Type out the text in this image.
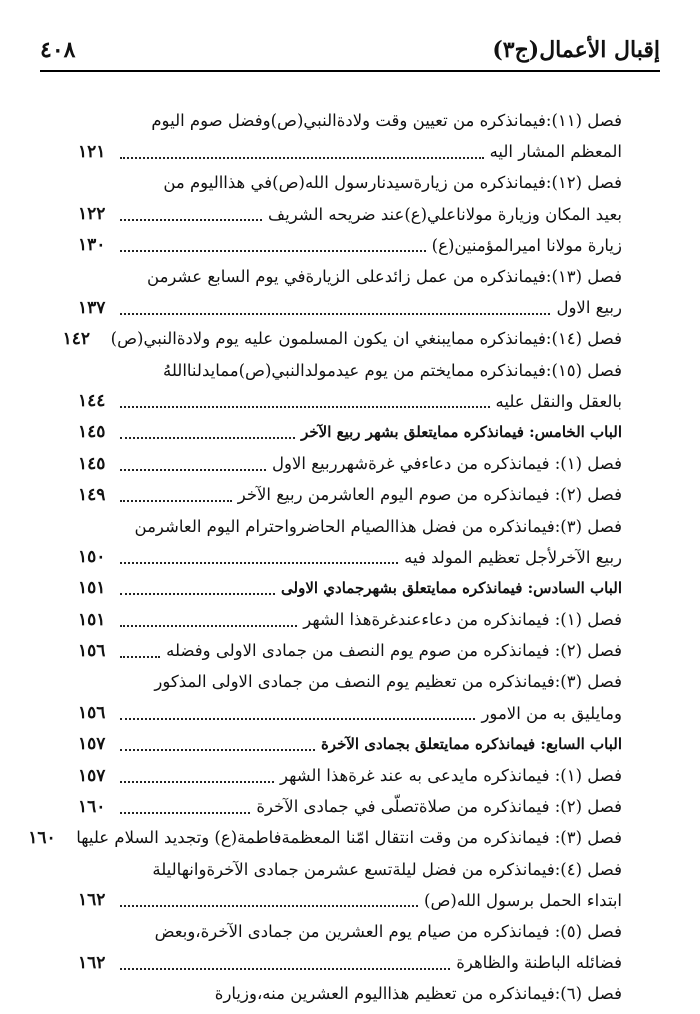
٤٠٨	إقبال الأعمال(ج٣)
فصل (١١):فيمانذكره من تعيين وقت ولادةالنبي(ص)وفضل صوم اليوم
المعظم المشار اليه
١٢١
فصل (١٢):فيمانذكره من زيارةسيدنارسول الله(ص)في هذااليوم من
بعيد المكان وزيارة مولاناعلي(ع)عند ضريحه الشريف
١٢٢
زيارة مولانا اميرالمؤمنين(ع)
١٣٠
فصل (١٣):فيمانذكره من عمل زائدعلى الزيارةفي يوم السابع عشرمن
ربيع الاول
١٣٧
فصل (١٤):فيمانذكره ممايبنغي ان يكون المسلمون عليه يوم ولادةالنبي(ص)
١٤٢
فصل (١٥):فيمانذكره ممايختم من يوم عيدمولدالنبي(ص)ممايدلنااللهُ
بالعقل والنقل عليه
١٤٤
الباب الخامس: فيمانذكره ممايتعلق بشهر ربيع الآخر
١٤٥
فصل (١): فيمانذكره من دعاءفي غرةشهرربيع الاول
١٤٥
فصل (٢): فيمانذكره من صوم اليوم العاشرمن ربيع الآخر
١٤٩
فصل (٣):فيمانذكره من فضل هذاالصيام الحاضرواحترام اليوم العاشرمن
ربيع الآخرلأجل تعظيم المولد فيه
١٥٠
الباب السادس: فيمانذكره ممايتعلق بشهرجمادي الاولى
١٥١
فصل (١): فيمانذكره من دعاءعندغرةهذا الشهر
١٥١
فصل (٢): فيمانذكره من صوم يوم النصف من جمادى الاولى وفضله
١٥٦
فصل (٣):فيمانذكره من تعظيم يوم النصف من جمادى الاولى المذكور
ومايليق به من الامور
١٥٦
الباب السابع: فيمانذكره ممايتعلق بجمادى الآخرة
١٥٧
فصل (١): فيمانذكره مايدعى به عند غرةهذا الشهر
١٥٧
فصل (٢): فيمانذكره من صلاةتصلّى في جمادى الآخرة
١٦٠
فصل (٣): فيمانذكره من وقت انتقال امّنا المعظمةفاطمة(ع) وتجديد السلام عليها
١٦٠
فصل (٤):فيمانذكره من فضل ليلةتسع عشرمن جمادى الآخرةوانهاليلة
ابتداء الحمل برسول الله(ص)
١٦٢
فصل (٥): فيمانذكره من صيام يوم العشرين من جمادى الآخرة،وبعض
فضائله الباطنة والظاهرة
١٦٢
فصل (٦):فيمانذكره من تعظيم هذااليوم العشرين منه،وزيارة
